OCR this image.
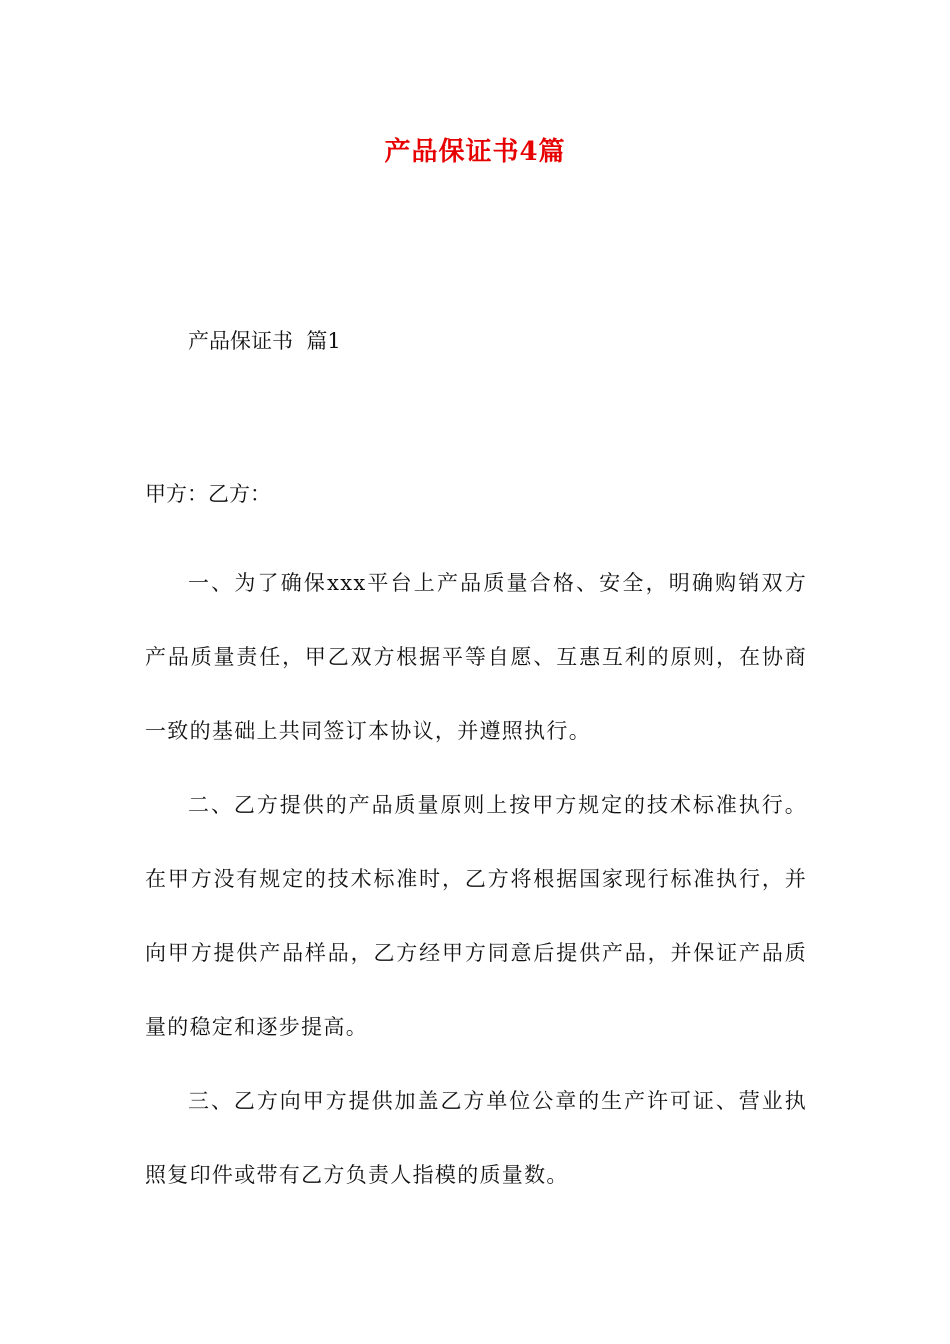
产品保证书4篇
产品保证书  篇1
甲方：乙方：

一、为了确保xxx平台上产品质量合格、安全，明确购销双方产品质量责任，甲乙双方根据平等自愿、互惠互利的原则，在协商一致的基础上共同签订本协议，并遵照执行。

二、乙方提供的产品质量原则上按甲方规定的技术标准执行。在甲方没有规定的技术标准时，乙方将根据国家现行标准执行，并向甲方提供产品样品，乙方经甲方同意后提供产品，并保证产品质量的稳定和逐步提高。

三、乙方向甲方提供加盖乙方单位公章的生产许可证、营业执照复印件或带有乙方负责人指模的质量数。
